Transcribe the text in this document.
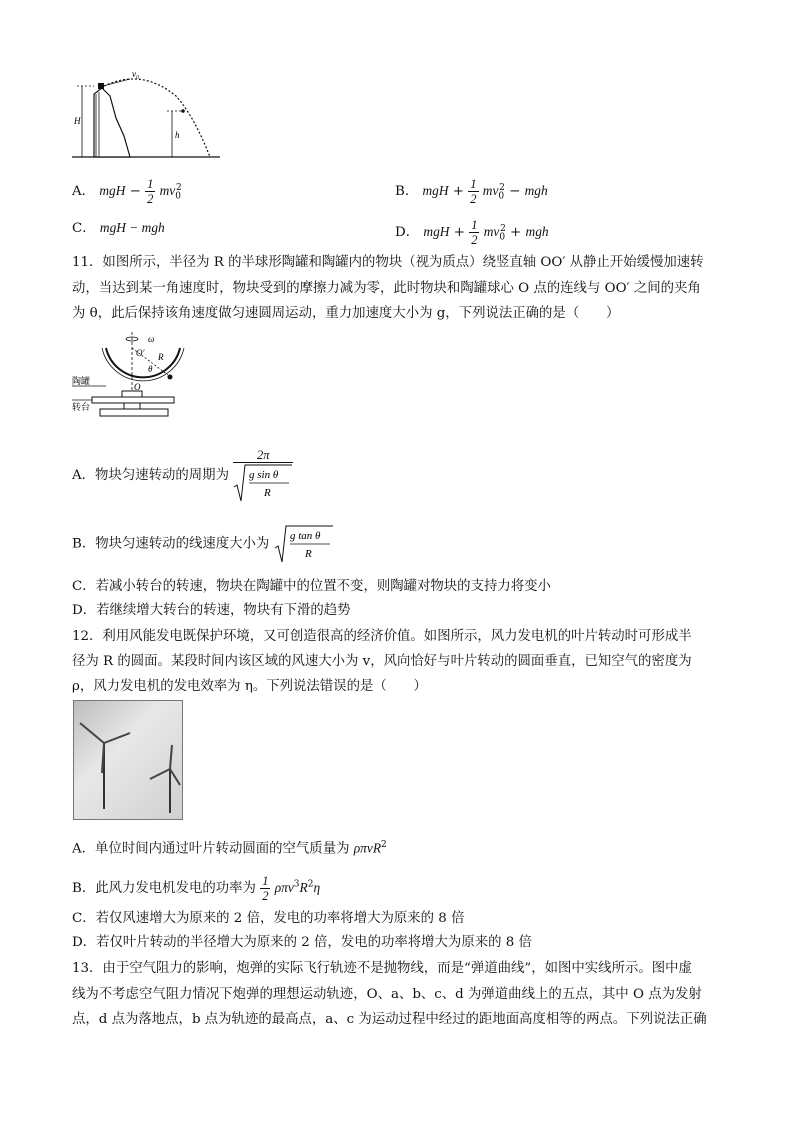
v₀
H
h
A． mgH − $\frac{1}{2} mv_0^2$	B． mgH + $\frac{1}{2} mv_0^2$ − mgh
C． mgH − mgh	D． mgH + $\frac{1}{2} mv_0^2$ + mgh
11．如图所示，半径为 R 的半球形陶罐和陶罐内的物块（视为质点）绕竖直轴 OO′ 从静止开始缓慢加速转
动，当达到某一角速度时，物块受到的摩擦力减为零，此时物块和陶罐球心 O 点的连线与 OO′ 之间的夹角
为 θ，此后保持该角速度做匀速圆周运动，重力加速度大小为 g，下列说法正确的是（　　）
ω
O′ R
θ
O
陶罐
转台
A．物块匀速转动的周期为 2π
g sin θ
R
B．物块匀速转动的线速度大小为
g tan θ
R
C．若减小转台的转速，物块在陶罐中的位置不变，则陶罐对物块的支持力将变小
D．若继续增大转台的转速，物块有下滑的趋势
12．利用风能发电既保护环境，又可创造很高的经济价值。如图所示，风力发电机的叶片转动时可形成半
径为 R 的圆面。某段时间内该区域的风速大小为 v，风向恰好与叶片转动的圆面垂直，已知空气的密度为
ρ，风力发电机的发电效率为 η。下列说法错误的是（　　）
A．单位时间内通过叶片转动圆面的空气质量为 ρπvR$^2$
B．此风力发电机发电的功率为 $\frac{1}{2} \rho\pi v^3R^2\eta$
C．若仅风速增大为原来的 2 倍，发电的功率将增大为原来的 8 倍
D．若仅叶片转动的半径增大为原来的 2 倍，发电的功率将增大为原来的 8 倍
13．由于空气阻力的影响，炮弹的实际飞行轨迹不是抛物线，而是“弹道曲线”，如图中实线所示。图中虚
线为不考虑空气阻力情况下炮弹的理想运动轨迹，O、a、b、c、d 为弹道曲线上的五点，其中 O 点为发射
点，d 点为落地点，b 点为轨迹的最高点，a、c 为运动过程中经过的距地面高度相等的两点。下列说法正确
